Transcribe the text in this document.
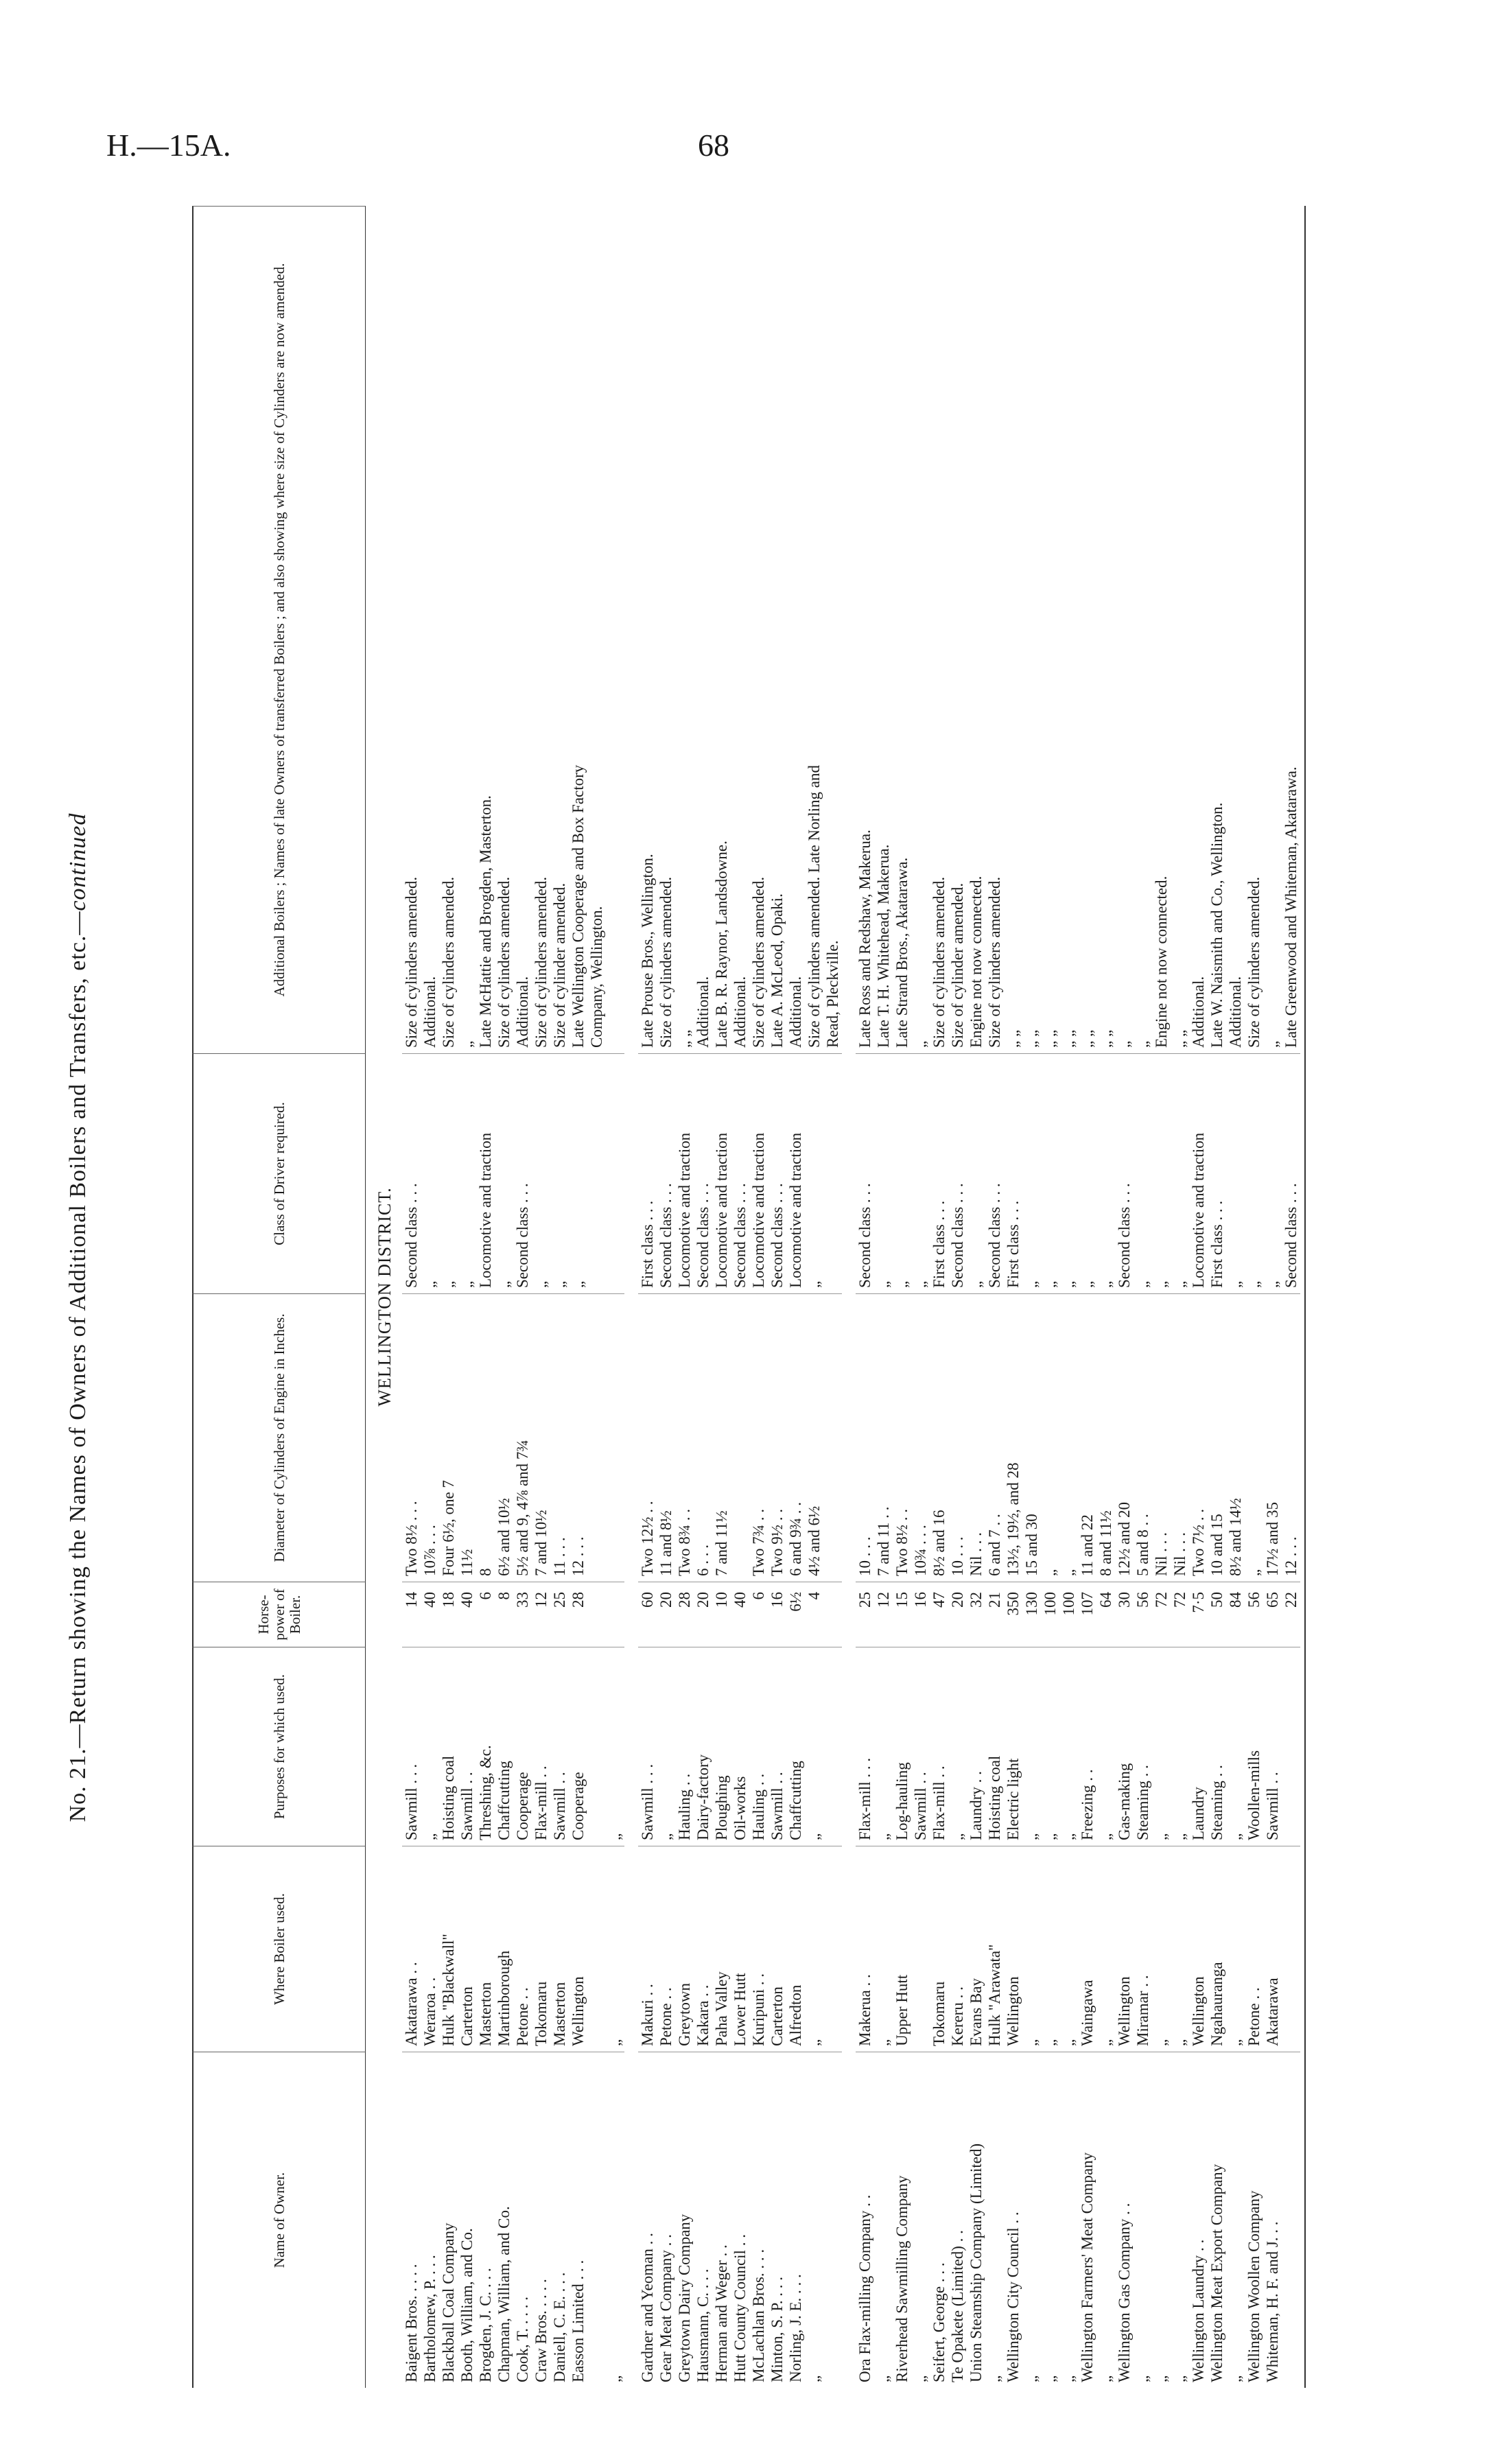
H.—15A.	68
No. 21.—Return showing the Names of Owners of Additional Boilers and Transfers, etc.—continued
Name of Owner.
Where Boiler used.
Purposes for which used.
Horse-power of Boiler.
Diameter of Cylinders of Engine in Inches.
Class of Driver required.
Additional Boilers ; Names of late Owners of transferred Boilers ; and also showing where size of Cylinders are now amended.
WELLINGTON DISTRICT.
Baigent Bros. . . . .
Akatarawa . .
Sawmill . . .
14
Two 8½ . . .
Second class . . .
Size of cylinders amended.
Bartholomew, P. . . .
Weraroa . .
„
40
10⅞ . . .
„
Additional.
Blackball Coal Company
Hulk "Blackwall"
Hoisting coal
18
Four 6½, one 7
„
Size of cylinders amended.
Booth, William, and Co.
Carterton
Sawmill . .
40
11½
„
„
Brogden, J. C. . . .
Masterton
Threshing, &c.
6
8
Locomotive and traction
Late McHattie and Brogden, Masterton.
Chapman, William, and Co.
Martinborough
Chaffcutting
8
6½ and 10½
„
Size of cylinders amended.
Cook, T. . . . .
Petone . .
Cooperage
33
5½ and 9, 4⅞ and 7¾
Second class . . .
Additional.
Craw Bros. . . . .
Tokomaru
Flax-mill . .
12
7 and 10½
„
Size of cylinders amended.
Daniell, C. E. . . .
Masterton
Sawmill . .
25
11 . . .
„
Size of cylinder amended.
Easson Limited . . .
Wellington
Cooperage
28
12 . . .
„
Late Wellington Cooperage and Box Factory Company, Wellington.
„
„
„
Gardner and Yeoman . .
Makuri . .
Sawmill . . .
60
Two 12½ . .
First class . . .
Late Prouse Bros., Wellington.
Gear Meat Company . .
Petone . .
„
20
11 and 8½
Second class . . .
Size of cylinders amended.
Greytown Dairy Company
Greytown
Hauling . .
28
Two 8¾ . .
Locomotive and traction
„ „
Hausmann, C. . . .
Kakara . .
Dairy-factory
20
6 . . .
Second class . . .
Additional.
Herman and Weger . .
Paha Valley
Ploughing
10
7 and 11½
Locomotive and traction
Late B. R. Raynor, Landsdowne.
Hutt County Council . .
Lower Hutt
Oil-works
40
Second class . . .
Additional.
McLachlan Bros. . . .
Kuripuni . .
Hauling . .
6
Two 7¾ . .
Locomotive and traction
Size of cylinders amended.
Minton, S. P. . . .
Carterton
Sawmill . .
16
Two 9½ . .
Second class . . .
Late A. McLeod, Opaki.
Norling, J. E. . . .
Alfredton
Chaffcutting
6½
6 and 9¾ . .
Locomotive and traction
Additional.
„
„
„
4
4½ and 6½
„
Size of cylinders amended. Late Norling and Read, Pleckville.
Ora Flax-milling Company . .
Makerua . .
Flax-mill . . .
25
10 . . .
Second class . . .
Late Ross and Redshaw, Makerua.
„
„
„
12
7 and 11 . .
„
Late T. H. Whitehead, Makerua.
Riverhead Sawmilling Company
Upper Hutt
Log-hauling
15
Two 8½ . .
„
Late Strand Bros., Akatarawa.
„
Sawmill . .
16
10¾ . . .
„
„
Seifert, George . . .
Tokomaru
Flax-mill . .
47
8½ and 16
First class . . .
Size of cylinders amended.
Te Opakete (Limited) . .
Kereru . .
„
20
10 . . .
Second class . . .
Size of cylinder amended.
Union Steamship Company (Limited)
Evans Bay
Laundry . .
32
Nil . . .
„
Engine not now connected.
„
Hulk "Arawata"
Hoisting coal
21
6 and 7 . .
Second class . . .
Size of cylinders amended.
Wellington City Council . .
Wellington
Electric light
350
13½, 19½, and 28
First class . . .
„ „
„
„
„
130
15 and 30
„
„ „
„
„
„
100
„
„
„ „
„
„
„
100
„
„
„ „
Wellington Farmers' Meat Company
Waingawa
Freezing . .
107
11 and 22
„
„ „
„
„
„
64
8 and 11½
„
„ „
Wellington Gas Company . .
Wellington
Gas-making
30
12½ and 20
Second class . . .
„
„
Miramar . .
Steaming . .
56
5 and 8 . .
„
„
„
„
„
72
Nil . . .
„
Engine not now connected.
„
„
„
72
Nil . . .
„
„ „
Wellington Laundry . .
Wellington
Laundry
7·5
Two 7½ . .
Locomotive and traction
Additional.
Wellington Meat Export Company
Ngahauranga
Steaming . .
50
10 and 15
First class . . .
Late W. Naismith and Co., Wellington.
„
„
„
84
8½ and 14½
„
Additional.
Wellington Woollen Company
Petone . .
Woollen-mills
56
„
„
Size of cylinders amended.
Whiteman, H. F. and J. . .
Akatarawa
Sawmill . .
65
17½ and 35
„
„
22
12 . . .
Second class . . .
Late Greenwood and Whiteman, Akatarawa.
